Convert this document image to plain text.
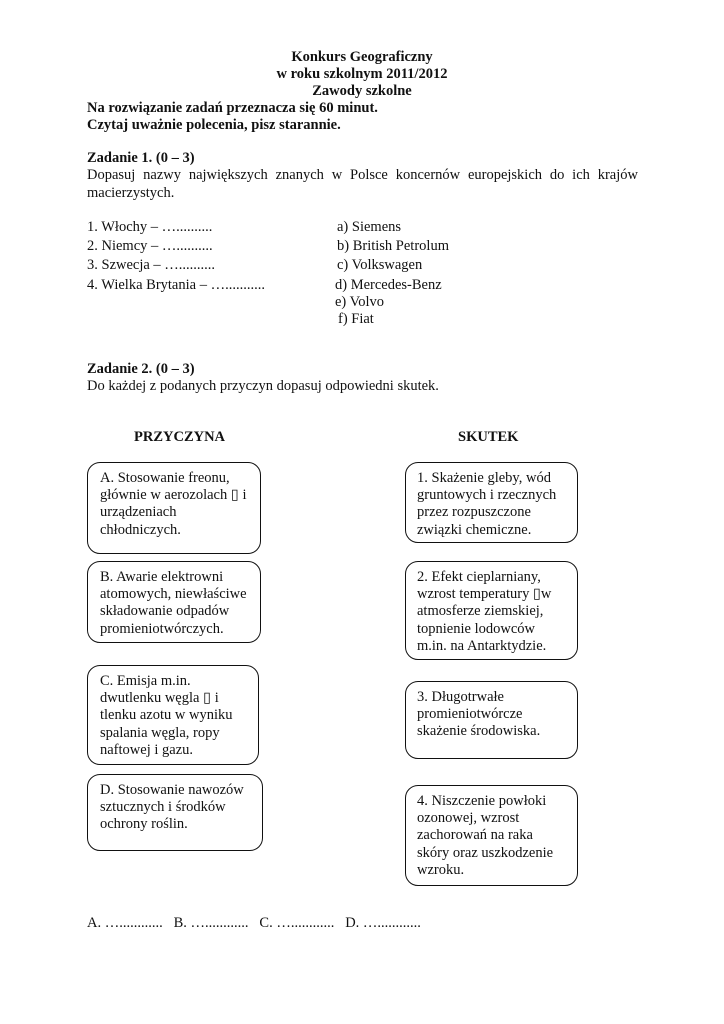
Konkurs Geograficzny
w roku szkolnym 2011/2012
Zawody szkolne
Na rozwiązanie zadań przeznacza się 60 minut.
Czytaj uważnie polecenia, pisz starannie.
Zadanie 1. (0 – 3)
Dopasuj nazwy największych znanych w Polsce koncernów europejskich do ich krajów macierzystych.
1. Włochy – …..........
2. Niemcy – …..........
3. Szwecja – …..........
4. Wielka Brytania – …...........
a) Siemens
b) British Petrolum
c) Volkswagen
d) Mercedes-Benz
e) Volvo
f) Fiat
Zadanie 2. (0 – 3)
Do każdej z podanych przyczyn dopasuj odpowiedni skutek.
PRZYCZYNA	SKUTEK
A. Stosowanie freonu,
głównie w aerozolach ▯ i
urządzeniach
chłodniczych.
B. Awarie elektrowni
atomowych, niewłaściwe
składowanie odpadów
promieniotwórczych.
C. Emisja m.in.
dwutlenku węgla ▯ i
tlenku azotu w wyniku
spalania węgla, ropy
naftowej i gazu.
D. Stosowanie nawozów
sztucznych i środków
ochrony roślin.
1. Skażenie gleby, wód
gruntowych i rzecznych
przez rozpuszczone
związki chemiczne.
2. Efekt cieplarniany,
wzrost temperatury ▯w
atmosferze ziemskiej,
topnienie lodowców
m.in. na Antarktydzie.
3. Długotrwałe
promieniotwórcze
skażenie środowiska.
4. Niszczenie powłoki
ozonowej, wzrost
zachorowań na raka
skóry oraz uszkodzenie
wzroku.
A. …............   B. …............   C. …............   D. …............
